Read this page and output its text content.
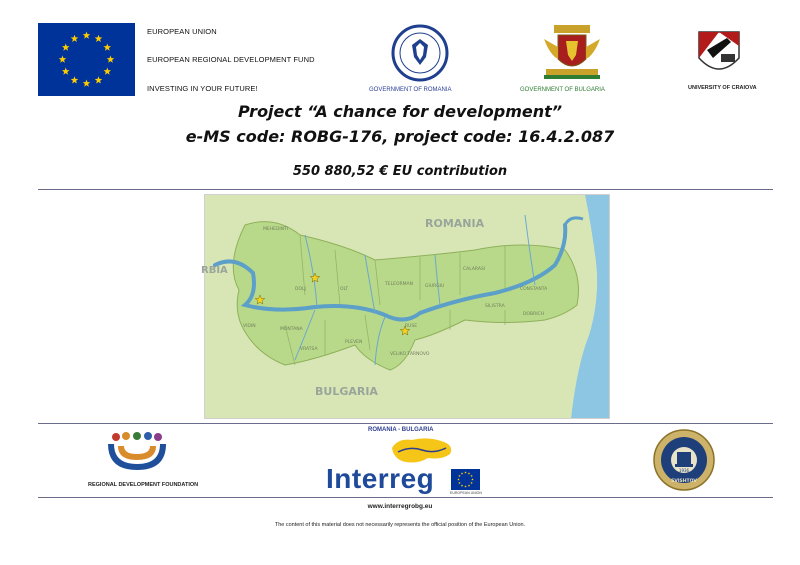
EUROPEAN UNION
EUROPEAN REGIONAL DEVELOPMENT FUND
INVESTING IN YOUR FUTURE!	GOVERNMENT OF ROMANIA	GOVERNMENT OF BULGARIA	UNIVERSITY OF CRAIOVA
Project “A chance for development”
e-MS code: ROBG-176, project code: 16.4.2.087
550 880,52 € EU contribution
ROMANIA
BULGARIA
RBIA
MEHEDINTI
DOLJ	OLT
TELEORMAN	GIURGIU
CALARASI
CONSTANTA
VIDIN
MONTANA
VRATSA
PLEVEN
VELIKO TARNOVO
RUSE
SILISTRA
DOBRICH
REGIONAL DEVELOPMENT FOUNDATION
ROMANIA - BULGARIA
Interreg	EUROPEAN UNION
1936
SVISHTOV
www.interregrobg.eu
The content of this material does not necessarily represents the official position of the European Union.
